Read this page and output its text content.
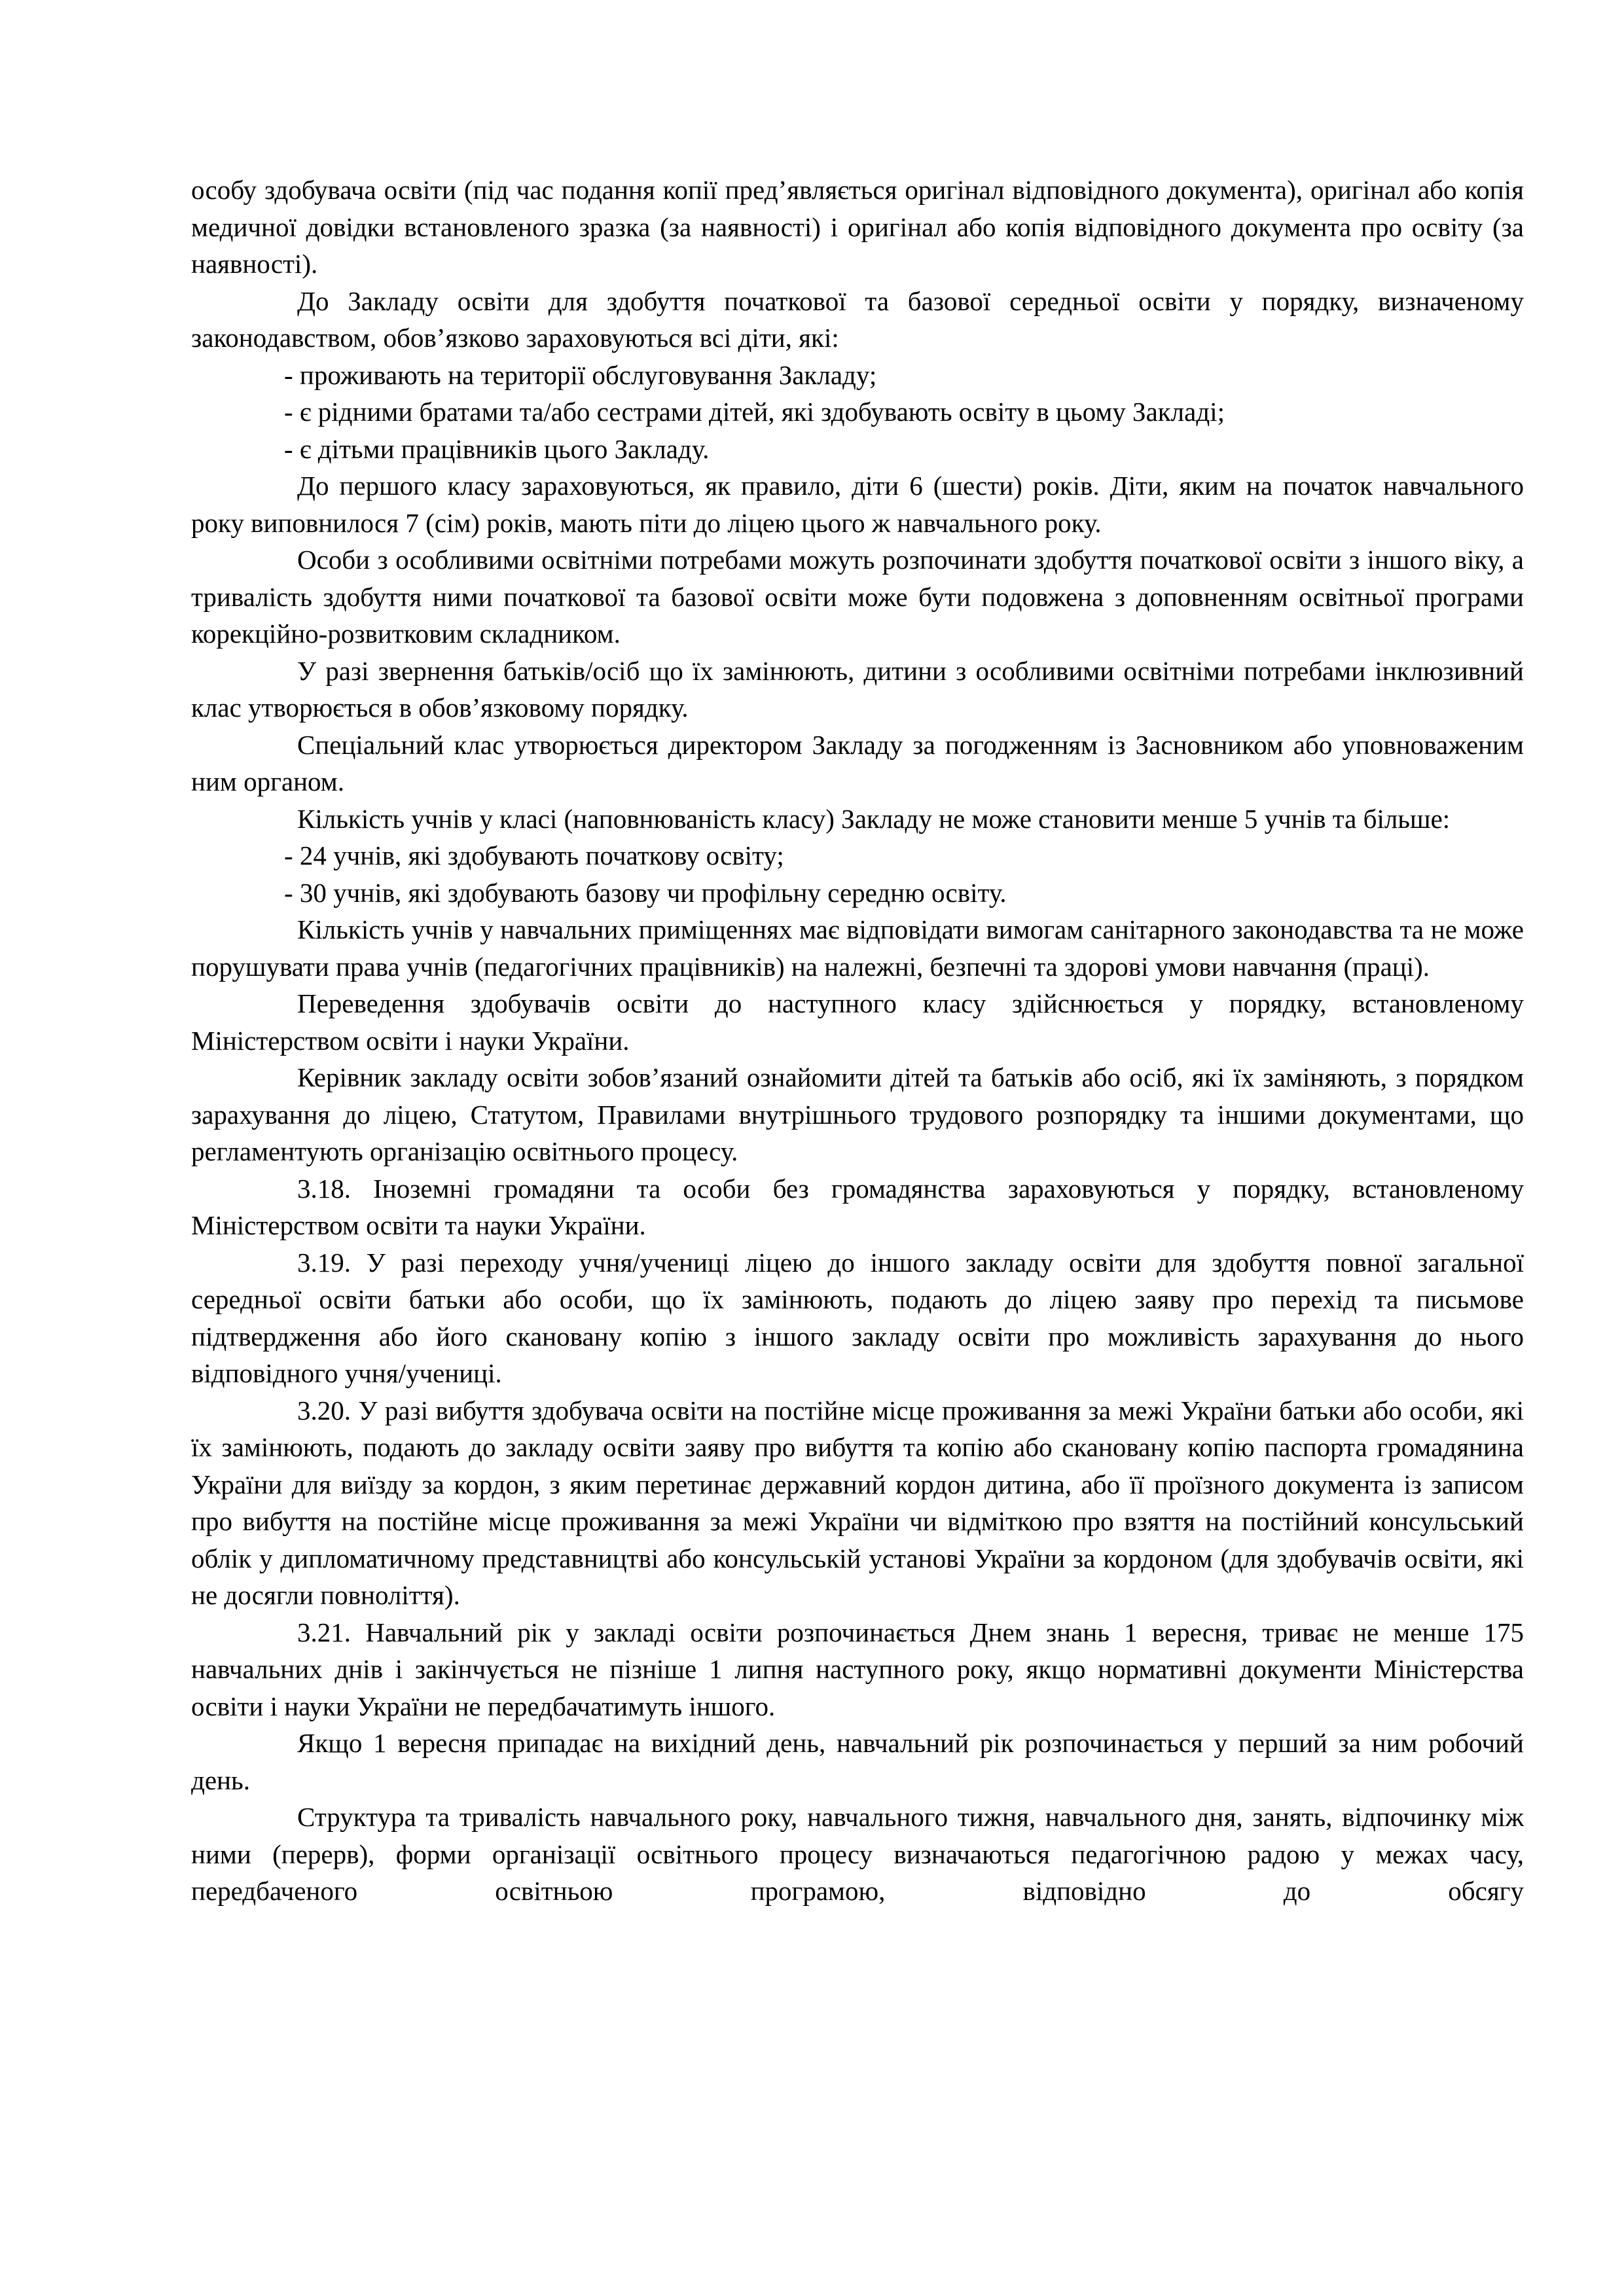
особу здобувача освіти (під час подання копії пред’являється оригінал відповідного документа), оригінал або копія медичної довідки встановленого зразка (за наявності) і оригінал або копія відповідного документа про освіту (за наявності).

До Закладу освіти для здобуття початкової та базової середньої освіти у порядку, визначеному законодавством, обов’язково зараховуються всі діти, які:

- проживають на території обслуговування Закладу;

- є рідними братами та/або сестрами дітей, які здобувають освіту в цьому Закладі;

- є дітьми працівників цього Закладу.

До першого класу зараховуються, як правило, діти 6 (шести) років. Діти, яким на початок навчального року виповнилося 7 (сім) років, мають піти до ліцею цього ж навчального року.

Особи з особливими освітніми потребами можуть розпочинати здобуття початкової освіти з іншого віку, а тривалість здобуття ними початкової та базової освіти може бути подовжена з доповненням освітньої програми корекційно-розвитковим складником.

У разі звернення батьків/осіб що їх замінюють, дитини з особливими освітніми потребами інклюзивний клас утворюється в обов’язковому порядку.

Спеціальний клас утворюється директором Закладу за погодженням із Засновником або уповноваженим ним органом.

Кількість учнів у класі (наповнюваність класу) Закладу не може становити менше 5 учнів та більше:

- 24 учнів, які здобувають початкову освіту;

- 30 учнів, які здобувають базову чи профільну середню освіту.

Кількість учнів у навчальних приміщеннях має відповідати вимогам санітарного законодавства та не може порушувати права учнів (педагогічних працівників) на належні, безпечні та здорові умови навчання (праці).

Переведення здобувачів освіти до наступного класу здійснюється у порядку, встановленому Міністерством освіти і науки України.

Керівник закладу освіти зобов’язаний ознайомити дітей та батьків або осіб, які їх заміняють, з порядком зарахування до ліцею, Статутом, Правилами внутрішнього трудового розпорядку та іншими документами, що регламентують організацію освітнього процесу.

3.18. Іноземні громадяни та особи без громадянства зараховуються у порядку, встановленому Міністерством освіти та науки України.

3.19. У разі переходу учня/учениці ліцею до іншого закладу освіти для здобуття повної загальної середньої освіти батьки або особи, що їх замінюють, подають до ліцею заяву про перехід та письмове підтвердження або його скановану копію з іншого закладу освіти про можливість зарахування до нього відповідного учня/учениці.

3.20. У разі вибуття здобувача освіти на постійне місце проживання за межі України батьки або особи, які їх замінюють, подають до закладу освіти заяву про вибуття та копію або скановану копію паспорта громадянина України для виїзду за кордон, з яким перетинає державний кордон дитина, або її проїзного документа із записом про вибуття на постійне місце проживання за межі України чи відміткою про взяття на постійний консульський облік у дипломатичному представництві або консульській установі України за кордоном (для здобувачів освіти, які не досягли повноліття).

3.21. Навчальний рік у закладі освіти розпочинається Днем знань 1 вересня, триває не менше 175 навчальних днів і закінчується не пізніше 1 липня наступного року, якщо нормативні документи Міністерства освіти і науки України не передбачатимуть іншого.

Якщо 1 вересня припадає на вихідний день, навчальний рік розпочинається у перший за ним робочий день.

Структура та тривалість навчального року, навчального тижня, навчального дня, занять, відпочинку між ними (перерв), форми організації освітнього процесу визначаються педагогічною радою у межах часу, передбаченого освітньою програмою, відповідно до обсягу
